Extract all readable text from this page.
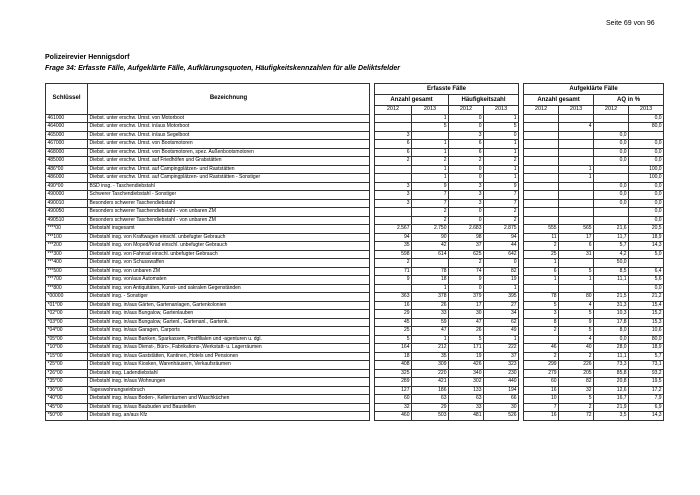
Seite 69 von 96
Polizeirevier Hennigsdorf
Frage 34: Erfasste Fälle, Aufgeklärte Fälle, Aufklärungsquoten, Häufigkeitskennzahlen für alle Deliktsfelder
Schlüssel	Bezeichnung		Erfasste Fälle					Aufgeklärte Fälle			
			Anzahl gesamt		Häufigkeitszahl			Anzahl gesamt		AQ in %	
			2012	2013	2012	2013		2012	2013	2012	2013
461000	Diebst. unter erschw. Umst. von Motorboot			1	0	1					0,0
464000	Diebst. unter erschw. Umst. in/aus Motorboot			5	0	5			4		80,0
465000	Diebst. unter erschw. Umst. in/aus Segelboot		3		3	0				0,0	
467000	Diebst. unter erschw. Umst. von Bootsmotoren		6	1	6	1				0,0	0,0
468000	Diebst. unter erschw. Umst. von Bootsmotoren, spez. Außenbootsmotoren		6	1	6	1				0,0	0,0
485000	Diebst. unter erschw. Umst. auf Friedhöfen und Grabstätten		2	2	2	2				0,0	0,0
486*00	Diebst. unter erschw. Umst. auf Campingplätzen- und Raststätten			1	0	1			1		100,0
486000	Diebst. unter erschw. Umst. auf Campingplätzen- und Raststätten - Sonstiger			1	0	1			1		100,0
490*00	BSD insg. - Taschendiebstahl		3	9	3	9				0,0	0,0
490000	Schwerer Taschendiebstahl - Sonstiger		3	7	3	7				0,0	0,0
490010	Besonders schwerer Taschendiebstahl		3	7	3	7				0,0	0,0
490050	Besonders schwerer Taschendiebstahl - von unbaren ZM			2	0	2					0,0
490510	Besonders schwerer Taschendiebstahl - von unbaren ZM			2	0	2					0,0
****00	Diebstahl insgesamt		2.567	2.750	2.683	2.875		555	565	21,6	20,5
***100	Diebstahl insg. von Kraftwagen einschl. unbefugter Gebrauch		94	90	98	94		11	17	11,7	18,9
***200	Diebstahl insg. von Moped/Krad einschl. unbefugter Gebrauch		35	42	37	44		2	6	5,7	14,3
***300	Diebstahl insg. von Fahrrad einschl. unbefugter Gebrauch		598	614	625	642		25	31	4,2	5,0
***400	Diebstahl insg. von Schusswaffen		2		2	0		1		50,0	
***500	Diebstahl insg. von unbaren ZM		71	78	74	82		6	5	8,5	6,4
***700	Diebstahl insg. von/aus Automaten		9	18	9	19		1	1	11,1	5,6
***800	Diebstahl insg. von Antiquitäten, Kunst- und sakralen Gegenständen			1	0	1					0,0
*00000	Diebstahl insg. - Sonstiger		363	378	379	395		78	80	21,5	21,2
*01*00	Diebstahl insg. in/aus Gärten, Gartenanlagen, Gartenkolonien		16	26	17	27		5	4	31,3	15,4
*02*00	Diebstahl insg. in/aus Bungalow, Gartenlauben		29	33	30	34		3	5	10,3	15,2
*03*00	Diebstahl insg. in/aus Bungalow, Gartenl., Gartenanl., Gartenk.		45	59	47	62		8	9	17,8	15,3
*04*00	Diebstahl insg. in/aus Garagen, Carports		25	47	26	49		2	5	8,0	10,6
*05*00	Diebstahl insg. in/aus Banken, Sparkassen, Postfilialen und -agenturen u. dgl.		5	1	5	1			4	0,0	80,0
*10*00	Diebstahl insg. in/aus Dienst-, Büro-, Fabrikations-,Werkstatt- u. Lagerräumen		164	212	171	222		46	40	28,0	18,9
*15*00	Diebstahl insg. in/aus Gaststätten, Kantinen, Hotels und Pensionen		18	35	19	37		2	2	11,1	5,7
*25*00	Diebstahl insg. in/aus Kiosken, Warenhäusern, Verkaufsräumen		408	309	426	323		299	226	73,3	73,1
*26*00	Diebstahl insg. Ladendiebstahl		325	220	340	230		279	205	85,8	93,2
*35*00	Diebstahl insg. in/aus Wohnungen		289	421	302	440		60	82	20,8	19,5
*36*00	Tageswohnungseinbruch		127	186	133	194		16	32	12,6	17,2
*40*00	Diebstahl insg. in/aus Boden-, Kellerräumen und Waschküchen		60	63	63	66		10	5	16,7	7,9
*45*00	Diebstahl insg. in/aus Baubuden und Baustellen		32	29	33	30		7	2	21,9	6,9
*50*00	Diebstahl insg. an/aus Kfz		460	503	481	526		16	72	3,5	14,3
